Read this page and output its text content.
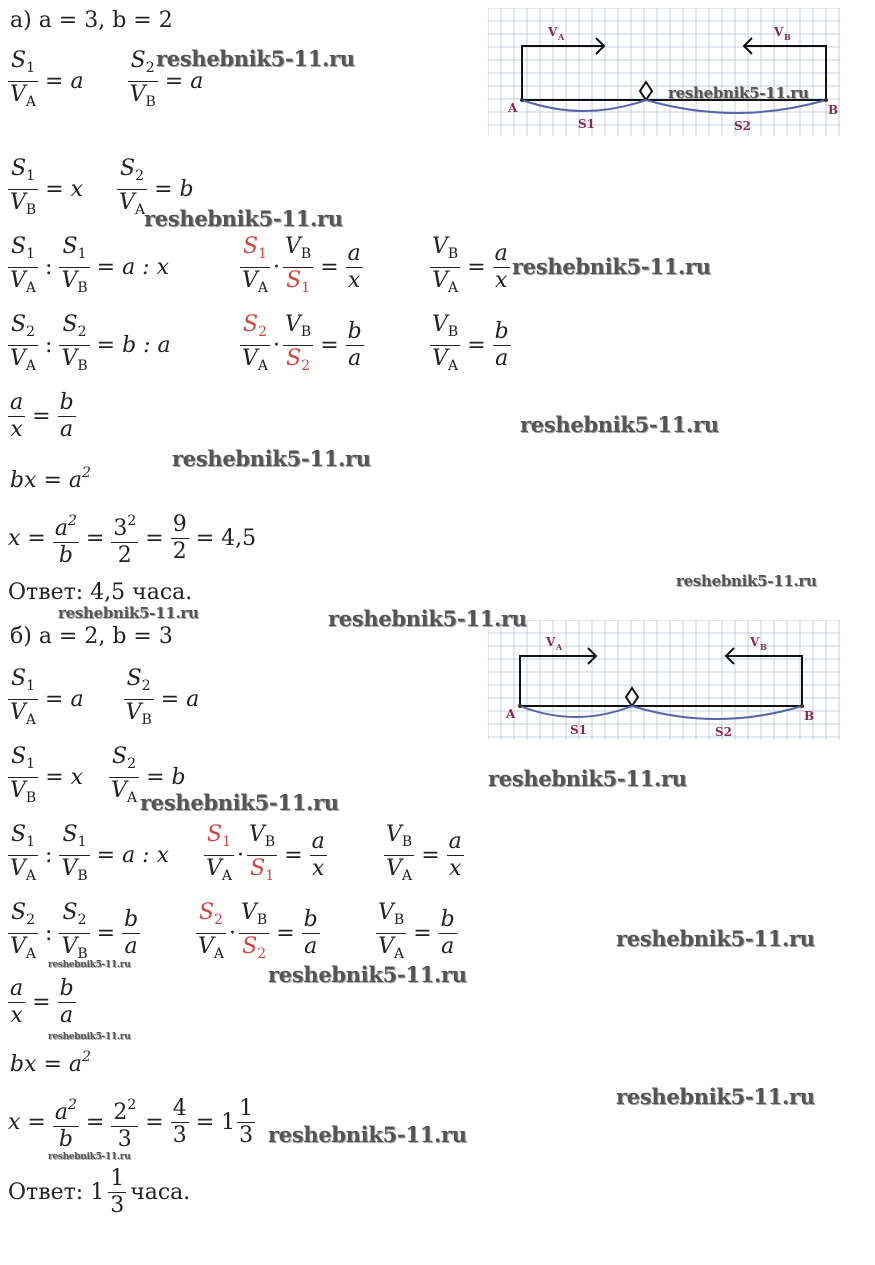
а) a = 3, b = 2
A	B
S1	S2
V A	V B
$\frac{S_1}{V_A} = a \frac{S_2}{V_B} = a$
$\frac{S_1}{V_B} = x \frac{S_2}{V_A} = b$
$\frac{S_1}{V_A}$ : $\frac{S_1}{V_B} = a$ : x	$\frac{S_1}{V_A} \cdot \frac{V_B}{S_1} = \frac{a}{x}$	$\frac{V_B}{V_A} = \frac{a}{x}$
$\frac{S_2}{V_A}$ : $\frac{S_2}{V_B} = b$ : a	$\frac{S_2}{V_A} \cdot \frac{V_B}{S_2} = \frac{b}{a}$	$\frac{V_B}{V_A} = \frac{b}{a}$
$\frac{a}{x} = \frac{b}{a}$
bx = $a^2$
$x = \frac{a^2}{b} = \frac{3^2}{2} = \frac{9}{2} = 4,5$
Ответ: 4,5 часа.
б) a = 2, b = 3
A	B
S1	S2
V A	V B
$\frac{S_1}{V_A} = a \frac{S_2}{V_B} = a$
$\frac{S_1}{V_B} = x \frac{S_2}{V_A} = b$
$\frac{S_1}{V_A}$ : $\frac{S_1}{V_B} = a$ : x $\frac{S_1}{V_A} \cdot \frac{V_B}{S_1} = \frac{a}{x}$	$\frac{V_B}{V_A} = \frac{a}{x}$
$\frac{S_2}{V_A}$ : $\frac{S_2}{V_B} = \frac{b}{a}$	$\frac{S_2}{V_A} \cdot \frac{V_B}{S_2} = \frac{b}{a}$	$\frac{V_B}{V_A} = \frac{b}{a}$
$\frac{a}{x} = \frac{b}{a}$
bx = $a^2$
$x = \frac{a^2}{b} = \frac{2^2}{3} = \frac{4}{3} = 1 \frac{1}{3}$
Ответ: $1 \frac{1}{3}$ часа.
reshebnik5-11.ru
reshebnik5-11.ru
reshebnik5-11.ru
reshebnik5-11.ru
reshebnik5-11.ru
reshebnik5-11.ru
reshebnik5-11.ru
reshebnik5-11.ru	reshebnik5-11.ru
reshebnik5-11.ru
reshebnik5-11.ru
reshebnik5-11.ru
reshebnik5-11.ru	reshebnik5-11.ru
reshebnik5-11.ru
reshebnik5-11.ru
reshebnik5-11.ru
reshebnik5-11.ru
